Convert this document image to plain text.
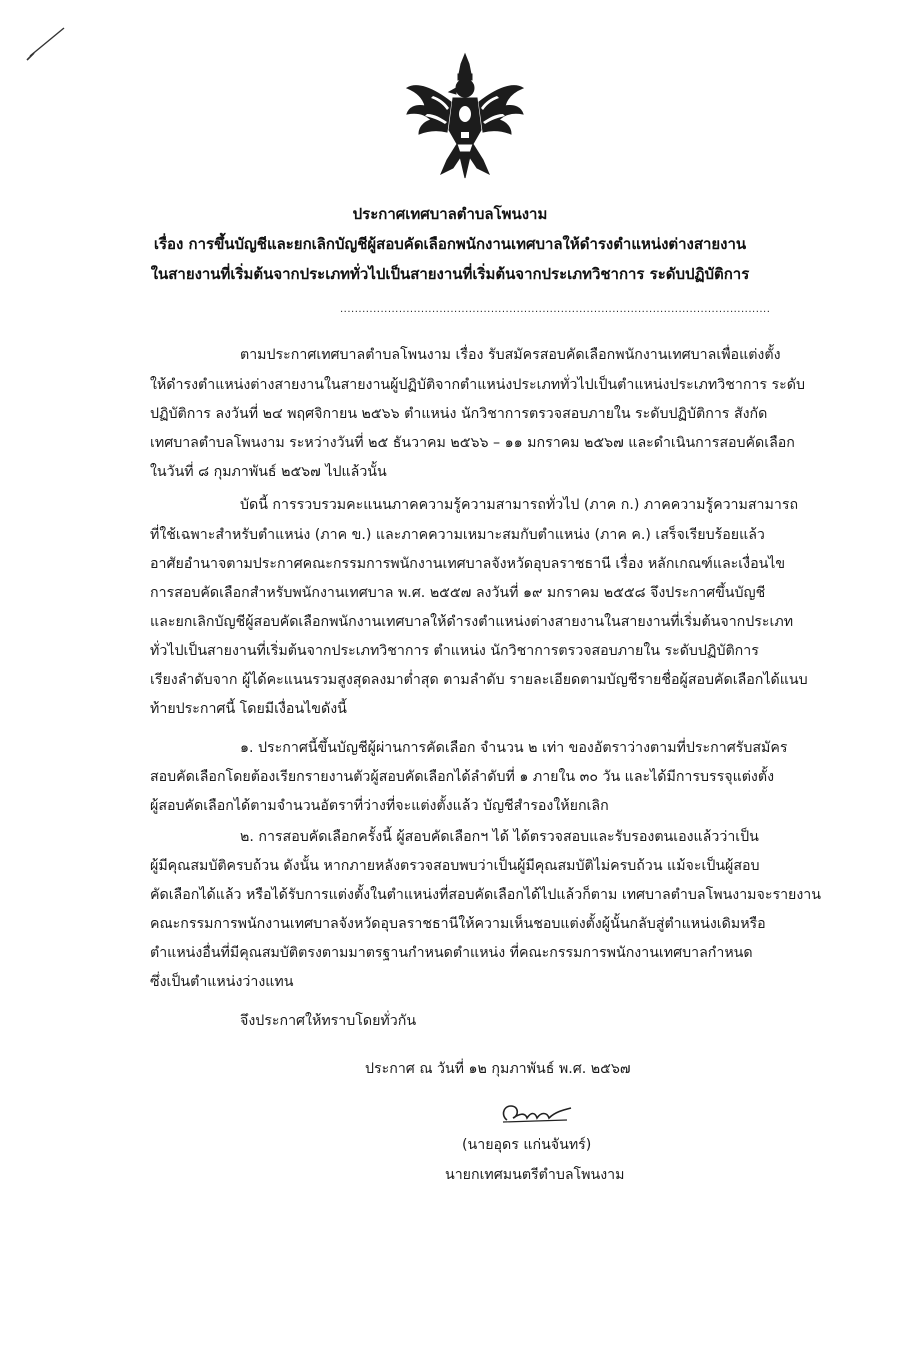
ประกาศเทศบาลตำบลโพนงาม
เรื่อง การขึ้นบัญชีและยกเลิกบัญชีผู้สอบคัดเลือกพนักงานเทศบาลให้ดำรงตำแหน่งต่างสายงาน
ในสายงานที่เริ่มต้นจากประเภททั่วไปเป็นสายงานที่เริ่มต้นจากประเภทวิชาการ ระดับปฏิบัติการ
.....................................................................................................................
ตามประกาศเทศบาลตำบลโพนงาม เรื่อง รับสมัครสอบคัดเลือกพนักงานเทศบาลเพื่อแต่งตั้ง
ให้ดำรงตำแหน่งต่างสายงานในสายงานผู้ปฏิบัติจากตำแหน่งประเภททั่วไปเป็นตำแหน่งประเภทวิชาการ ระดับ
ปฏิบัติการ ลงวันที่ ๒๔ พฤศจิกายน ๒๕๖๖ ตำแหน่ง นักวิชาการตรวจสอบภายใน ระดับปฏิบัติการ สังกัด
เทศบาลตำบลโพนงาม ระหว่างวันที่ ๒๕ ธันวาคม ๒๕๖๖ – ๑๑ มกราคม ๒๕๖๗ และดำเนินการสอบคัดเลือก
ในวันที่ ๘ กุมภาพันธ์ ๒๕๖๗ ไปแล้วนั้น
บัดนี้ การรวบรวมคะแนนภาคความรู้ความสามารถทั่วไป (ภาค ก.) ภาคความรู้ความสามารถ
ที่ใช้เฉพาะสำหรับตำแหน่ง (ภาค ข.) และภาคความเหมาะสมกับตำแหน่ง (ภาค ค.) เสร็จเรียบร้อยแล้ว
อาศัยอำนาจตามประกาศคณะกรรมการพนักงานเทศบาลจังหวัดอุบลราชธานี เรื่อง หลักเกณฑ์และเงื่อนไข
การสอบคัดเลือกสำหรับพนักงานเทศบาล พ.ศ. ๒๕๕๗ ลงวันที่ ๑๙ มกราคม ๒๕๕๘ จึงประกาศขึ้นบัญชี
และยกเลิกบัญชีผู้สอบคัดเลือกพนักงานเทศบาลให้ดำรงตำแหน่งต่างสายงานในสายงานที่เริ่มต้นจากประเภท
ทั่วไปเป็นสายงานที่เริ่มต้นจากประเภทวิชาการ ตำแหน่ง นักวิชาการตรวจสอบภายใน ระดับปฏิบัติการ
เรียงลำดับจาก ผู้ได้คะแนนรวมสูงสุดลงมาต่ำสุด ตามลำดับ รายละเอียดตามบัญชีรายชื่อผู้สอบคัดเลือกได้แนบ
ท้ายประกาศนี้ โดยมีเงื่อนไขดังนี้
๑. ประกาศนี้ขึ้นบัญชีผู้ผ่านการคัดเลือก จำนวน ๒ เท่า ของอัตราว่างตามที่ประกาศรับสมัคร
สอบคัดเลือกโดยต้องเรียกรายงานตัวผู้สอบคัดเลือกได้ลำดับที่ ๑ ภายใน ๓๐ วัน และได้มีการบรรจุแต่งตั้ง
ผู้สอบคัดเลือกได้ตามจำนวนอัตราที่ว่างที่จะแต่งตั้งแล้ว บัญชีสำรองให้ยกเลิก
๒. การสอบคัดเลือกครั้งนี้ ผู้สอบคัดเลือกฯ ได้ ได้ตรวจสอบและรับรองตนเองแล้วว่าเป็น
ผู้มีคุณสมบัติครบถ้วน ดังนั้น หากภายหลังตรวจสอบพบว่าเป็นผู้มีคุณสมบัติไม่ครบถ้วน แม้จะเป็นผู้สอบ
คัดเลือกได้แล้ว หรือได้รับการแต่งตั้งในตำแหน่งที่สอบคัดเลือกได้ไปแล้วก็ตาม เทศบาลตำบลโพนงามจะรายงาน
คณะกรรมการพนักงานเทศบาลจังหวัดอุบลราชธานีให้ความเห็นชอบแต่งตั้งผู้นั้นกลับสู่ตำแหน่งเดิมหรือ
ตำแหน่งอื่นที่มีคุณสมบัติตรงตามมาตรฐานกำหนดตำแหน่ง ที่คณะกรรมการพนักงานเทศบาลกำหนด
ซึ่งเป็นตำแหน่งว่างแทน
จึงประกาศให้ทราบโดยทั่วกัน
ประกาศ ณ วันที่ ๑๒ กุมภาพันธ์ พ.ศ. ๒๕๖๗
(นายอุดร แก่นจันทร์)
นายกเทศมนตรีตำบลโพนงาม
